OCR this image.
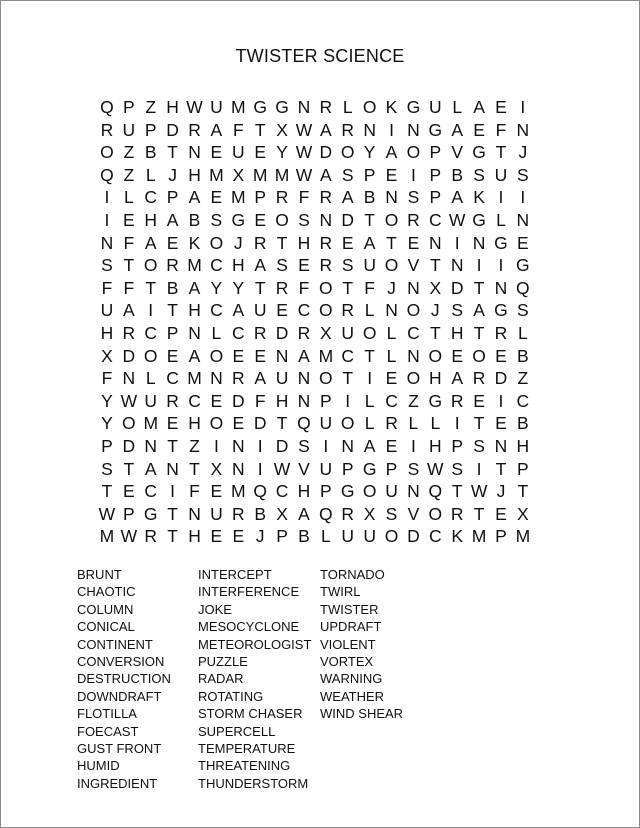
TWISTER SCIENCE
Q P Z H W U M G G N R L O K G U L A E I
R U P D R A F T X W A R N I N G A E F N
O Z B T N E U E Y W D O Y A O P V G T J
Q Z L J H M X M M W A S P E I P B S U S
I L C P A E M P R F R A B N S P A K I I
I E H A B S G E O S N D T O R C W G L N
N F A E K O J R T H R E A T E N I N G E
S T O R M C H A S E R S U O V T N I I G
F F T B A Y Y T R F O T F J N X D T N Q
U A I T H C A U E C O R L N O J S A G S
H R C P N L C R D R X U O L C T H T R L
X D O E A O E E N A M C T L N O E O E B
F N L C M N R A U N O T I E O H A R D Z
Y W U R C E D F H N P I L C Z G R E I C
Y O M E H O E D T Q U O L R L L I T E B
P D N T Z I N I D S I N A E I H P S N H
S T A N T X N I W V U P G P S W S I T P
T E C I F E M Q C H P G O U N Q T W J T
W P G T N U R B X A Q R X S V O R T E X
M W R T H E E J P B L U U O D C K M P M
BRUNT
CHAOTIC
COLUMN
CONICAL
CONTINENT
CONVERSION
DESTRUCTION
DOWNDRAFT
FLOTILLA
FOECAST
GUST FRONT
HUMID
INGREDIENT
INTERCEPT
INTERFERENCE
JOKE
MESOCYCLONE
METEOROLOGIST
PUZZLE
RADAR
ROTATING
STORM CHASER
SUPERCELL
TEMPERATURE
THREATENING
THUNDERSTORM
TORNADO
TWIRL
TWISTER
UPDRAFT
VIOLENT
VORTEX
WARNING
WEATHER
WIND SHEAR
